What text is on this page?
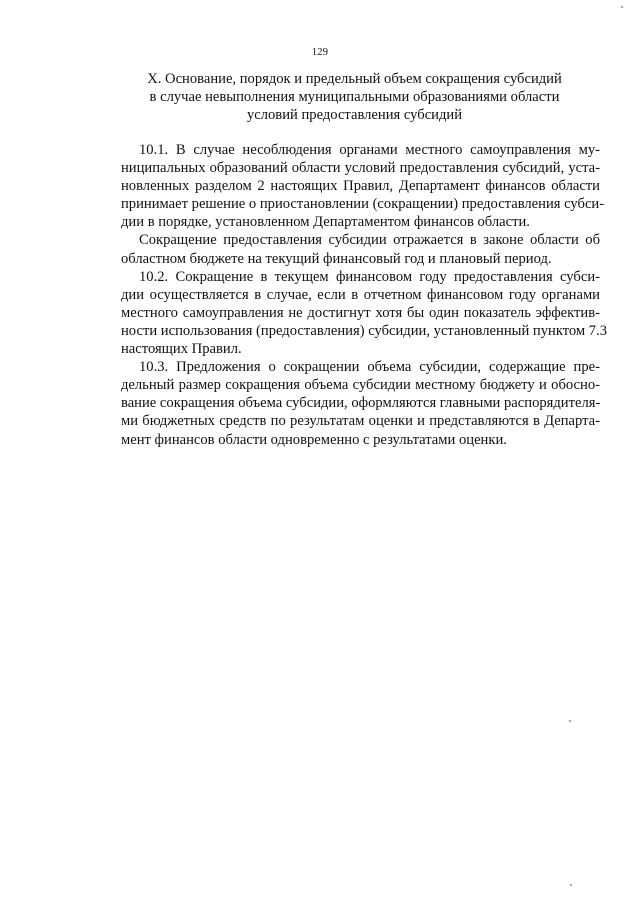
129
X. Основание, порядок и предельный объем сокращения субсидий
в случае невыполнения муниципальными образованиями области
условий предоставления субсидий
10.1. В случае несоблюдения органами местного самоуправления му-
ниципальных образований области условий предоставления субсидий, уста-
новленных разделом 2 настоящих Правил, Департамент финансов области
принимает решение о приостановлении (сокращении) предоставления субси-
дии в порядке, установленном Департаментом финансов области.
Сокращение предоставления субсидии отражается в законе области об
областном бюджете на текущий финансовый год и плановый период.
10.2. Сокращение в текущем финансовом году предоставления субси-
дии осуществляется в случае, если в отчетном финансовом году органами
местного самоуправления не достигнут хотя бы один показатель эффектив-
ности использования (предоставления) субсидии, установленный пунктом 7.3
настоящих Правил.
10.3. Предложения о сокращении объема субсидии, содержащие пре-
дельный размер сокращения объема субсидии местному бюджету и обосно-
вание сокращения объема субсидии, оформляются главными распорядителя-
ми бюджетных средств по результатам оценки и представляются в Департа-
мент финансов области одновременно с результатами оценки.
